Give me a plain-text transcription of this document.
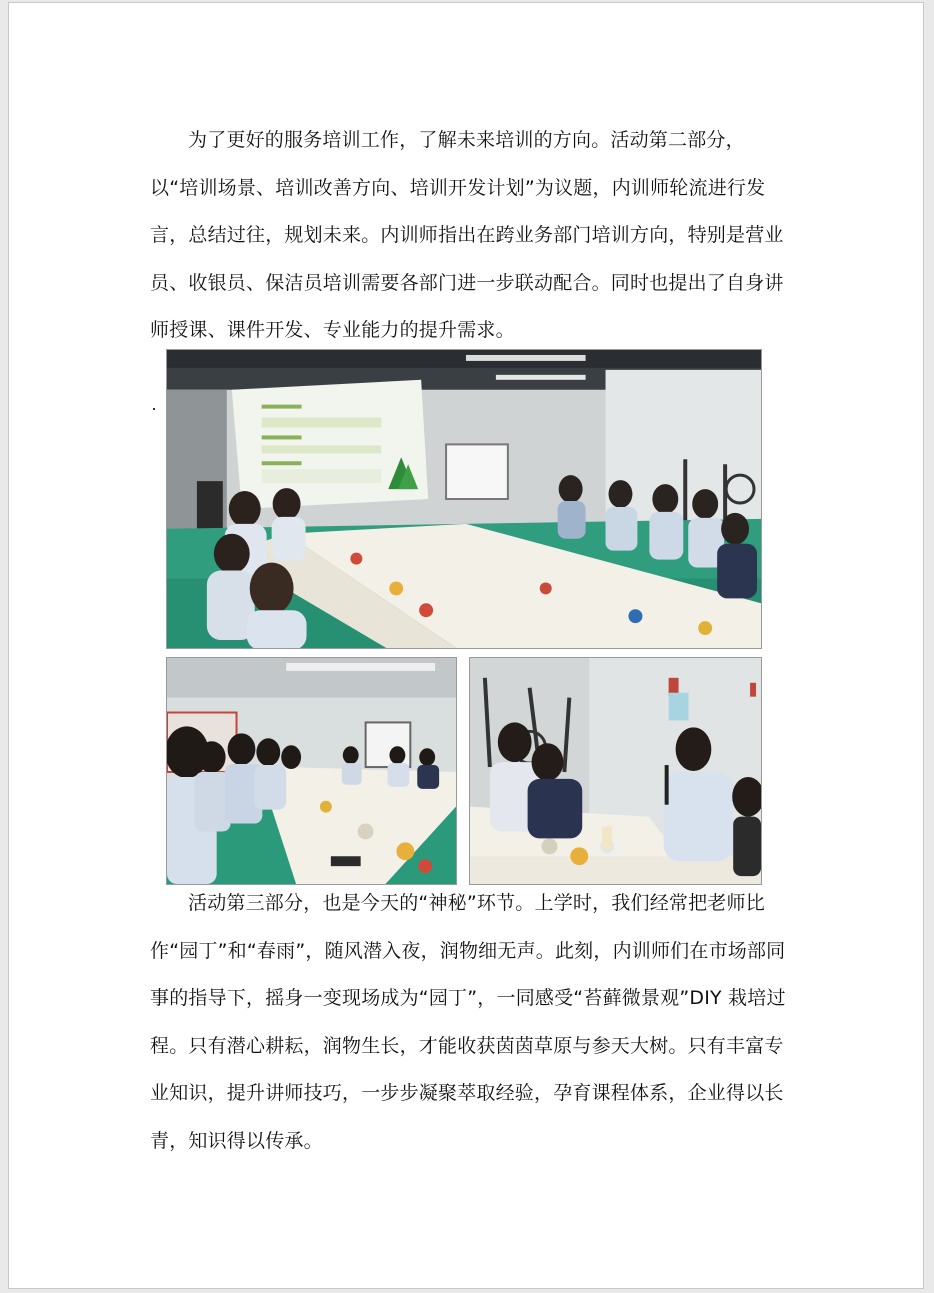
为了更好的服务培训工作，了解未来培训的方向。活动第二部分，以“培训场景、培训改善方向、培训开发计划”为议题，内训师轮流进行发言，总结过往，规划未来。内训师指出在跨业务部门培训方向，特别是营业员、收银员、保洁员培训需要各部门进一步联动配合。同时也提出了自身讲师授课、课件开发、专业能力的提升需求。

活动第三部分，也是今天的“神秘”环节。上学时，我们经常把老师比作“园丁”和“春雨”，随风潜入夜，润物细无声。此刻，内训师们在市场部同事的指导下，摇身一变现场成为“园丁”，一同感受“苔藓微景观”DIY 栽培过程。只有潜心耕耘，润物生长，才能收获茵茵草原与参天大树。只有丰富专业知识，提升讲师技巧，一步步凝聚萃取经验，孕育课程体系，企业得以长青，知识得以传承。
